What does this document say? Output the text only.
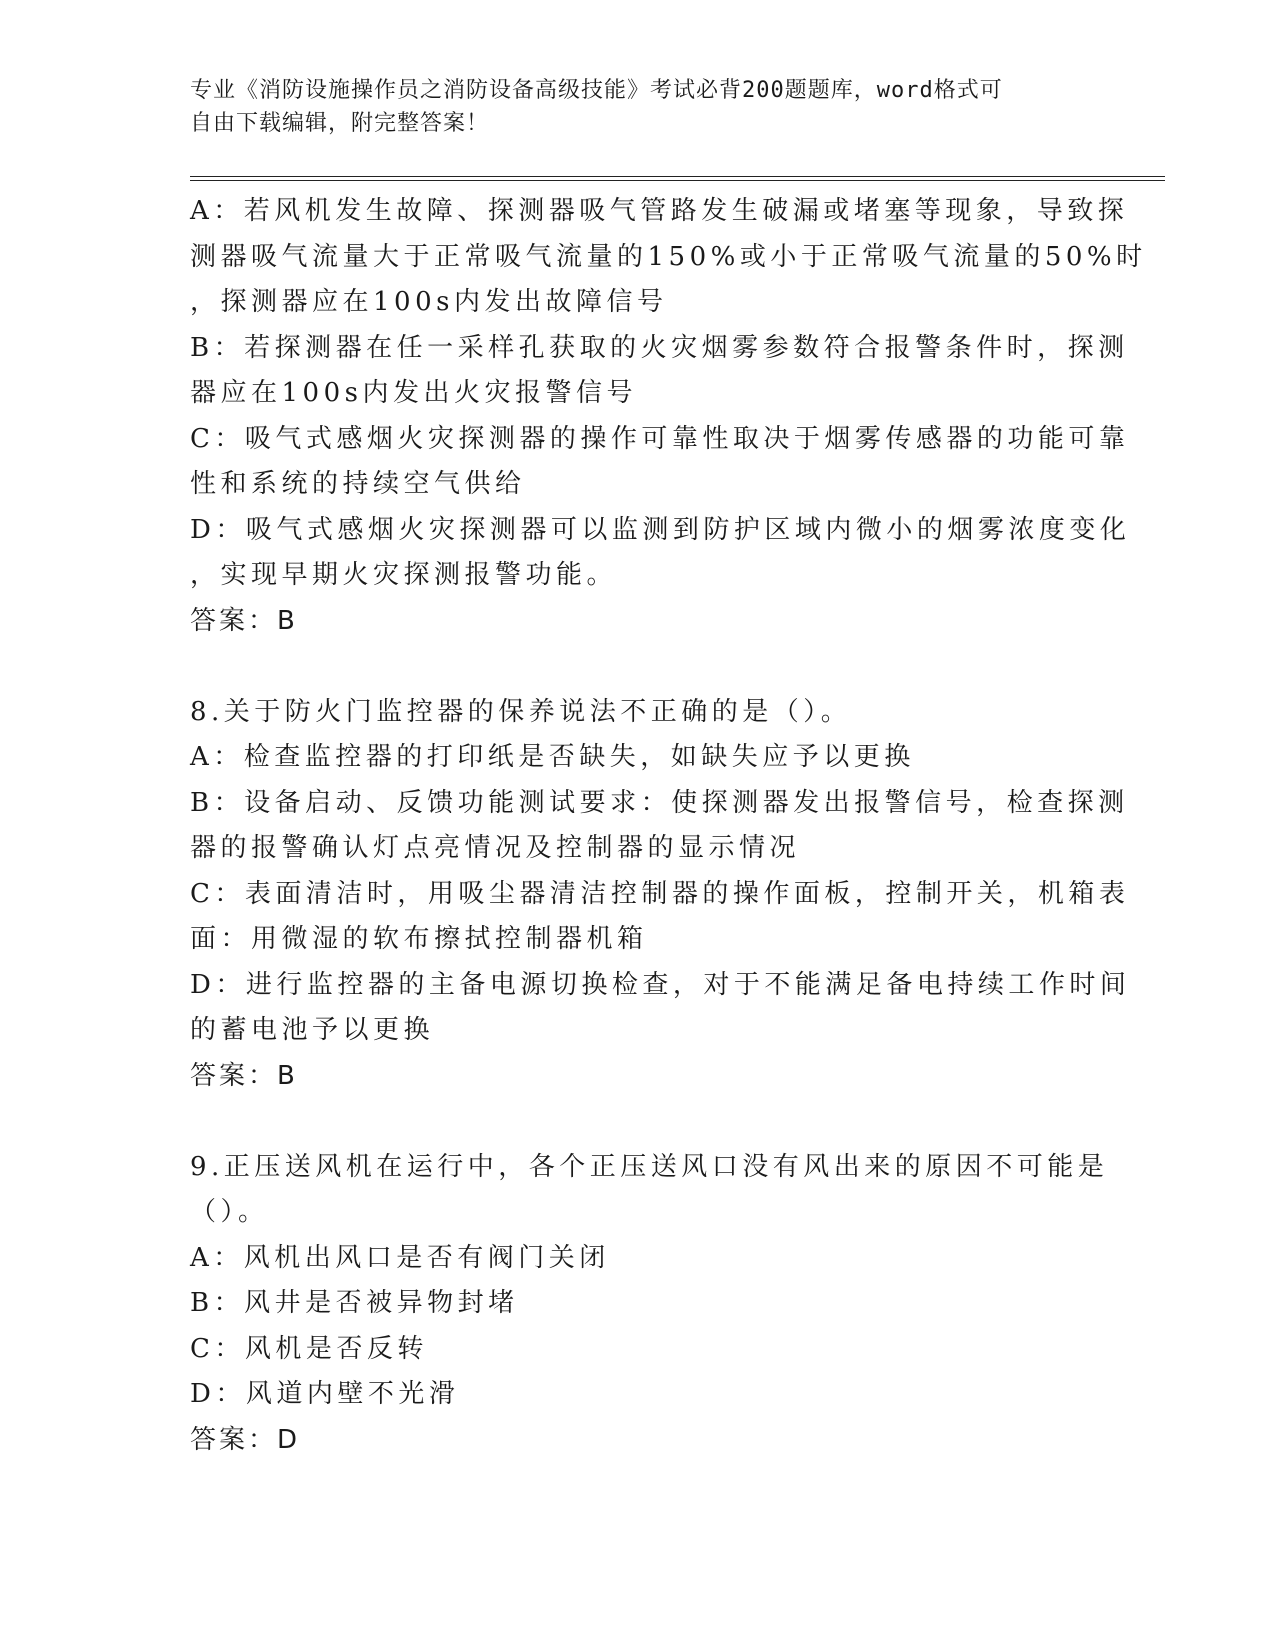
专业《消防设施操作员之消防设备高级技能》考试必背200题题库，word格式可
自由下载编辑，附完整答案！

A：若风机发生故障、探测器吸气管路发生破漏或堵塞等现象，导致探

测器吸气流量大于正常吸气流量的150%或小于正常吸气流量的50%时

，探测器应在100s内发出故障信号

B：若探测器在任一采样孔获取的火灾烟雾参数符合报警条件时，探测

器应在100s内发出火灾报警信号

C：吸气式感烟火灾探测器的操作可靠性取决于烟雾传感器的功能可靠

性和系统的持续空气供给

D：吸气式感烟火灾探测器可以监测到防护区域内微小的烟雾浓度变化

，实现早期火灾探测报警功能。

答案：B

8.关于防火门监控器的保养说法不正确的是（）。

A：检查监控器的打印纸是否缺失，如缺失应予以更换

B：设备启动、反馈功能测试要求：使探测器发出报警信号，检查探测

器的报警确认灯点亮情况及控制器的显示情况

C：表面清洁时，用吸尘器清洁控制器的操作面板，控制开关，机箱表

面：用微湿的软布擦拭控制器机箱

D：进行监控器的主备电源切换检查，对于不能满足备电持续工作时间

的蓄电池予以更换

答案：B

9.正压送风机在运行中，各个正压送风口没有风出来的原因不可能是

（）。

A：风机出风口是否有阀门关闭

B：风井是否被异物封堵

C：风机是否反转

D：风道内壁不光滑

答案：D
